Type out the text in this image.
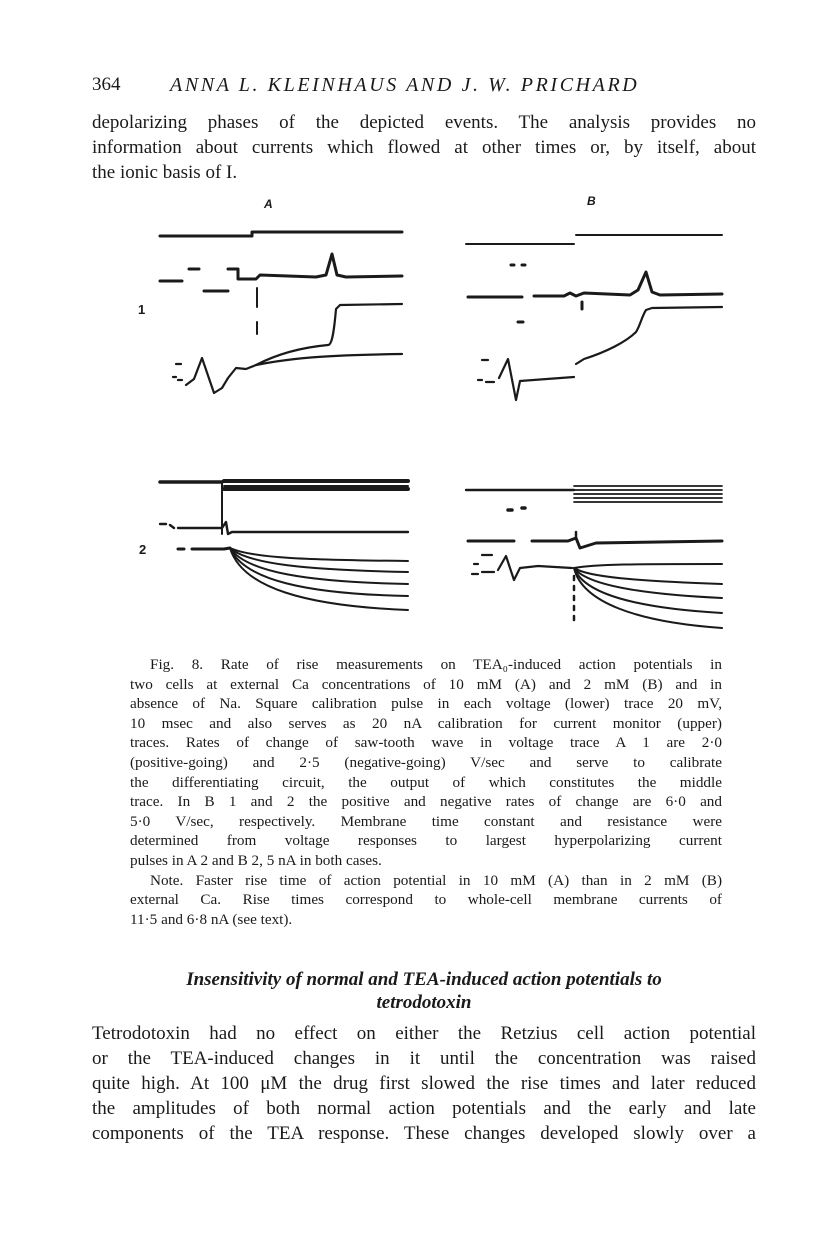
364 ANNA L. KLEINHAUS AND J. W. PRICHARD

depolarizing phases of the depicted events. The analysis provides no
information about currents which flowed at other times or, by itself, about
the ionic basis of I.

A	B
1
2

Fig. 8. Rate of rise measurements on TEA₀-induced action potentials in
two cells at external Ca concentrations of 10 mM (A) and 2 mM (B) and in
absence of Na. Square calibration pulse in each voltage (lower) trace 20 mV,
10 msec and also serves as 20 nA calibration for current monitor (upper)
traces. Rates of change of saw-tooth wave in voltage trace A 1 are 2·0
(positive-going) and 2·5 (negative-going) V/sec and serve to calibrate
the differentiating circuit, the output of which constitutes the middle
trace. In B 1 and 2 the positive and negative rates of change are 6·0 and
5·0 V/sec, respectively. Membrane time constant and resistance were
determined from voltage responses to largest hyperpolarizing current
pulses in A 2 and B 2, 5 nA in both cases.
Note. Faster rise time of action potential in 10 mM (A) than in 2 mM (B)
external Ca. Rise times correspond to whole-cell membrane currents of
11·5 and 6·8 nA (see text).

Insensitivity of normal and TEA-induced action potentials to
tetrodotoxin

Tetrodotoxin had no effect on either the Retzius cell action potential
or the TEA-induced changes in it until the concentration was raised
quite high. At 100 μM the drug first slowed the rise times and later reduced
the amplitudes of both normal action potentials and the early and late
components of the TEA response. These changes developed slowly over a
